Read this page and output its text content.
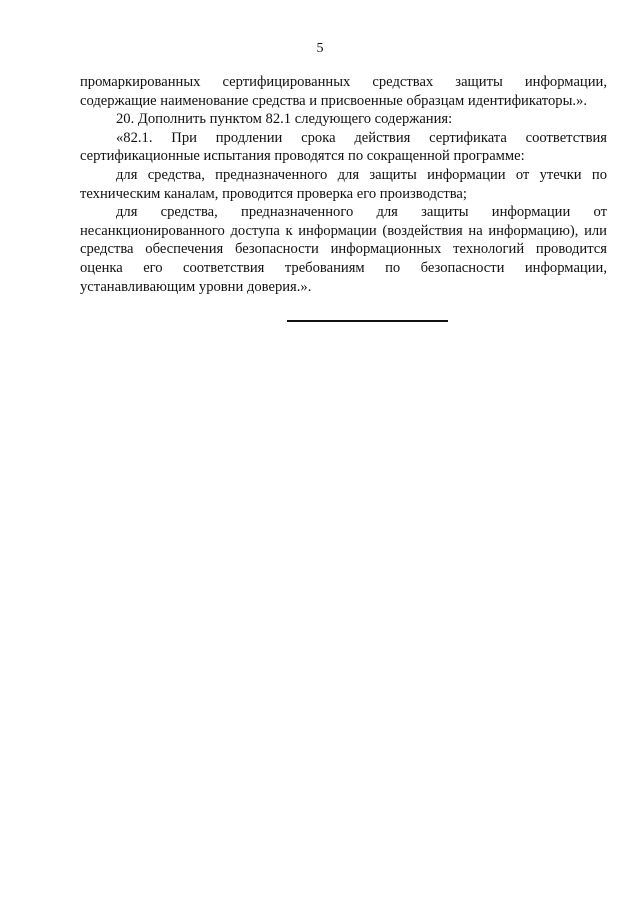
5

промаркированных сертифицированных средствах защиты информации, содержащие наименование средства и присвоенные образцам идентификаторы.».

20. Дополнить пунктом 82.1 следующего содержания:

«82.1. При продлении срока действия сертификата соответствия сертификационные испытания проводятся по сокращенной программе:

для средства, предназначенного для защиты информации от утечки по техническим каналам, проводится проверка его производства;

для средства, предназначенного для защиты информации от несанкционированного доступа к информации (воздействия на информацию), или средства обеспечения безопасности информационных технологий проводится оценка его соответствия требованиям по безопасности информации, устанавливающим уровни доверия.».
